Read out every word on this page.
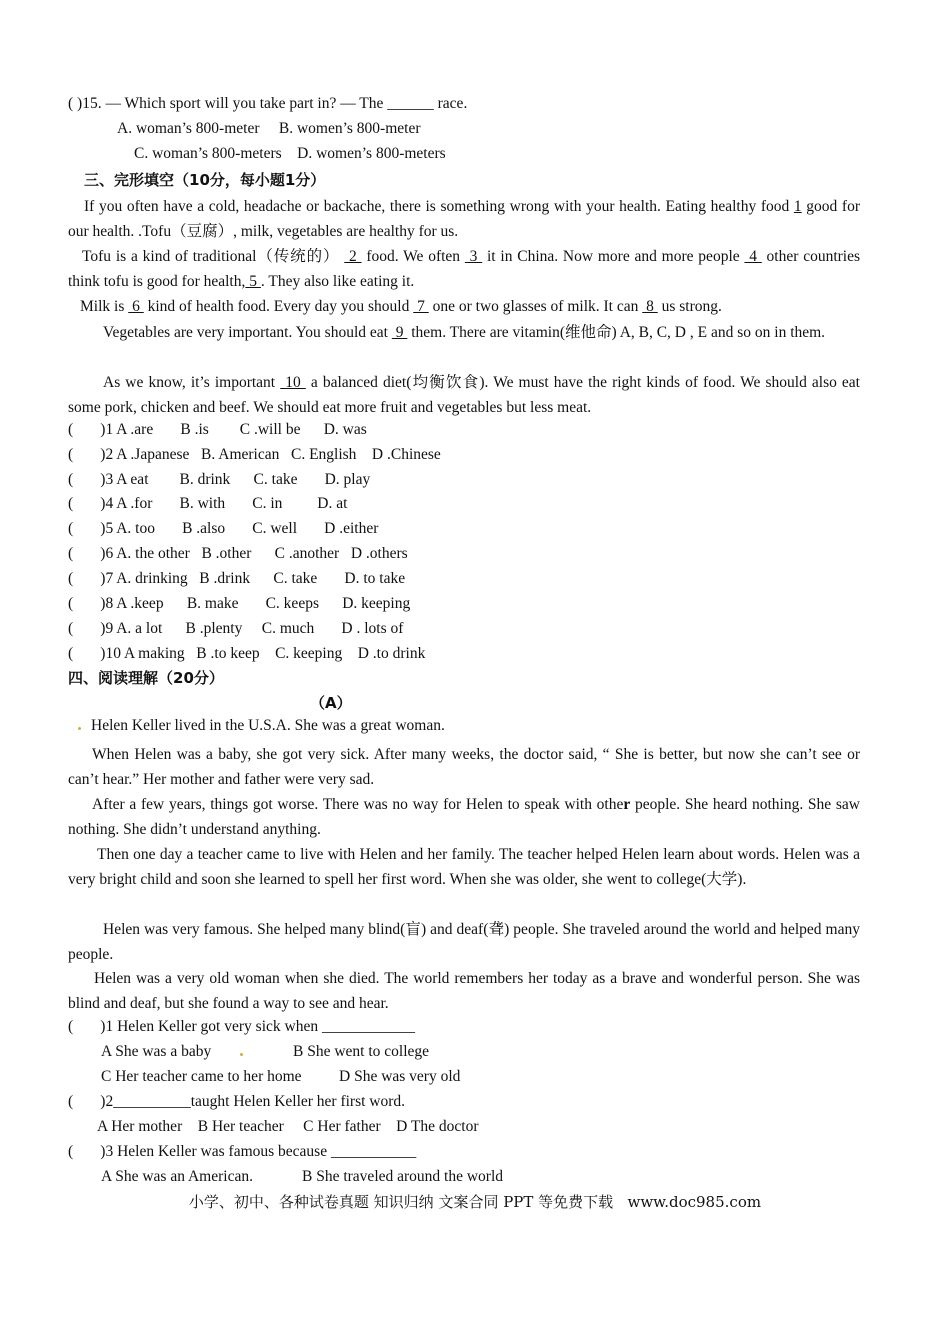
( )15. — Which sport will you take part in? — The ______ race.
A. woman’s 800-meter     B. women’s 800-meter
C. woman’s 800-meters    D. women’s 800-meters
三、完形填空（10分，每小题1分）
If you often have a cold, headache or backache, there is something wrong with your health. Eating healthy food 1 good for our health. .Tofu（豆腐）, milk, vegetables are healthy for us.
Tofu is a kind of traditional（传统的）  2  food. We often  3  it in China. Now more and more people  4  other countries think tofu is good for health, 5 . They also like eating it.
Milk is  6  kind of health food. Every day you should  7  one or two glasses of milk. It can  8  us strong.
Vegetables are very important. You should eat  9  them. There are vitamin(维他命) A, B, C, D , E and so on in them.
As we know, it’s important  10  a balanced diet(均衡饮食). We must have the right kinds of food. We should also eat some pork, chicken and beef. We should eat more fruit and vegetables but less meat.
(       )1 A .are       B .is        C .will be      D. was
(       )2 A .Japanese   B. American   C. English    D .Chinese
(       )3 A eat        B. drink      C. take       D. play
(       )4 A .for       B. with       C. in         D. at
(       )5 A. too       B .also       C. well       D .either
(       )6 A. the other   B .other      C .another   D .others
(       )7 A. drinking   B .drink      C. take       D. to take
(       )8 A .keep      B. make       C. keeps      D. keeping
(       )9 A. a lot      B .plenty     C. much       D . lots of
(       )10 A making   B .to keep    C. keeping    D .to drink
四、阅读理解（20分）
（A）
Helen Keller lived in the U.S.A. She was a great woman.
When Helen was a baby, she got very sick. After many weeks, the doctor said, “ She is better, but now she can’t see or can’t hear.” Her mother and father were very sad.
After a few years, things got worse. There was no way for Helen to speak with other people. She heard nothing. She saw nothing. She didn’t understand anything.
Then one day a teacher came to live with Helen and her family. The teacher helped Helen learn about words. Helen was a very bright child and soon she learned to spell her first word. When she was older, she went to college(大学).
Helen was very famous. She helped many blind(盲) and deaf(聋) people. She traveled around the world and helped many people.
Helen was a very old woman when she died. The world remembers her today as a brave and wonderful person. She was blind and deaf, but she found a way to see and hear.
(       )1 Helen Keller got very sick when ____________
A She was a baby	B She went to college
C Her teacher came to her home D She was very old
(       )2__________taught Helen Keller her first word.
A Her mother    B Her teacher     C Her father    D The doctor
(       )3 Helen Keller was famous because ___________
A She was an American.	B She traveled around the world
小学、初中、各种试卷真题 知识归纳 文案合同 PPT 等免费下载   www.doc985.com
